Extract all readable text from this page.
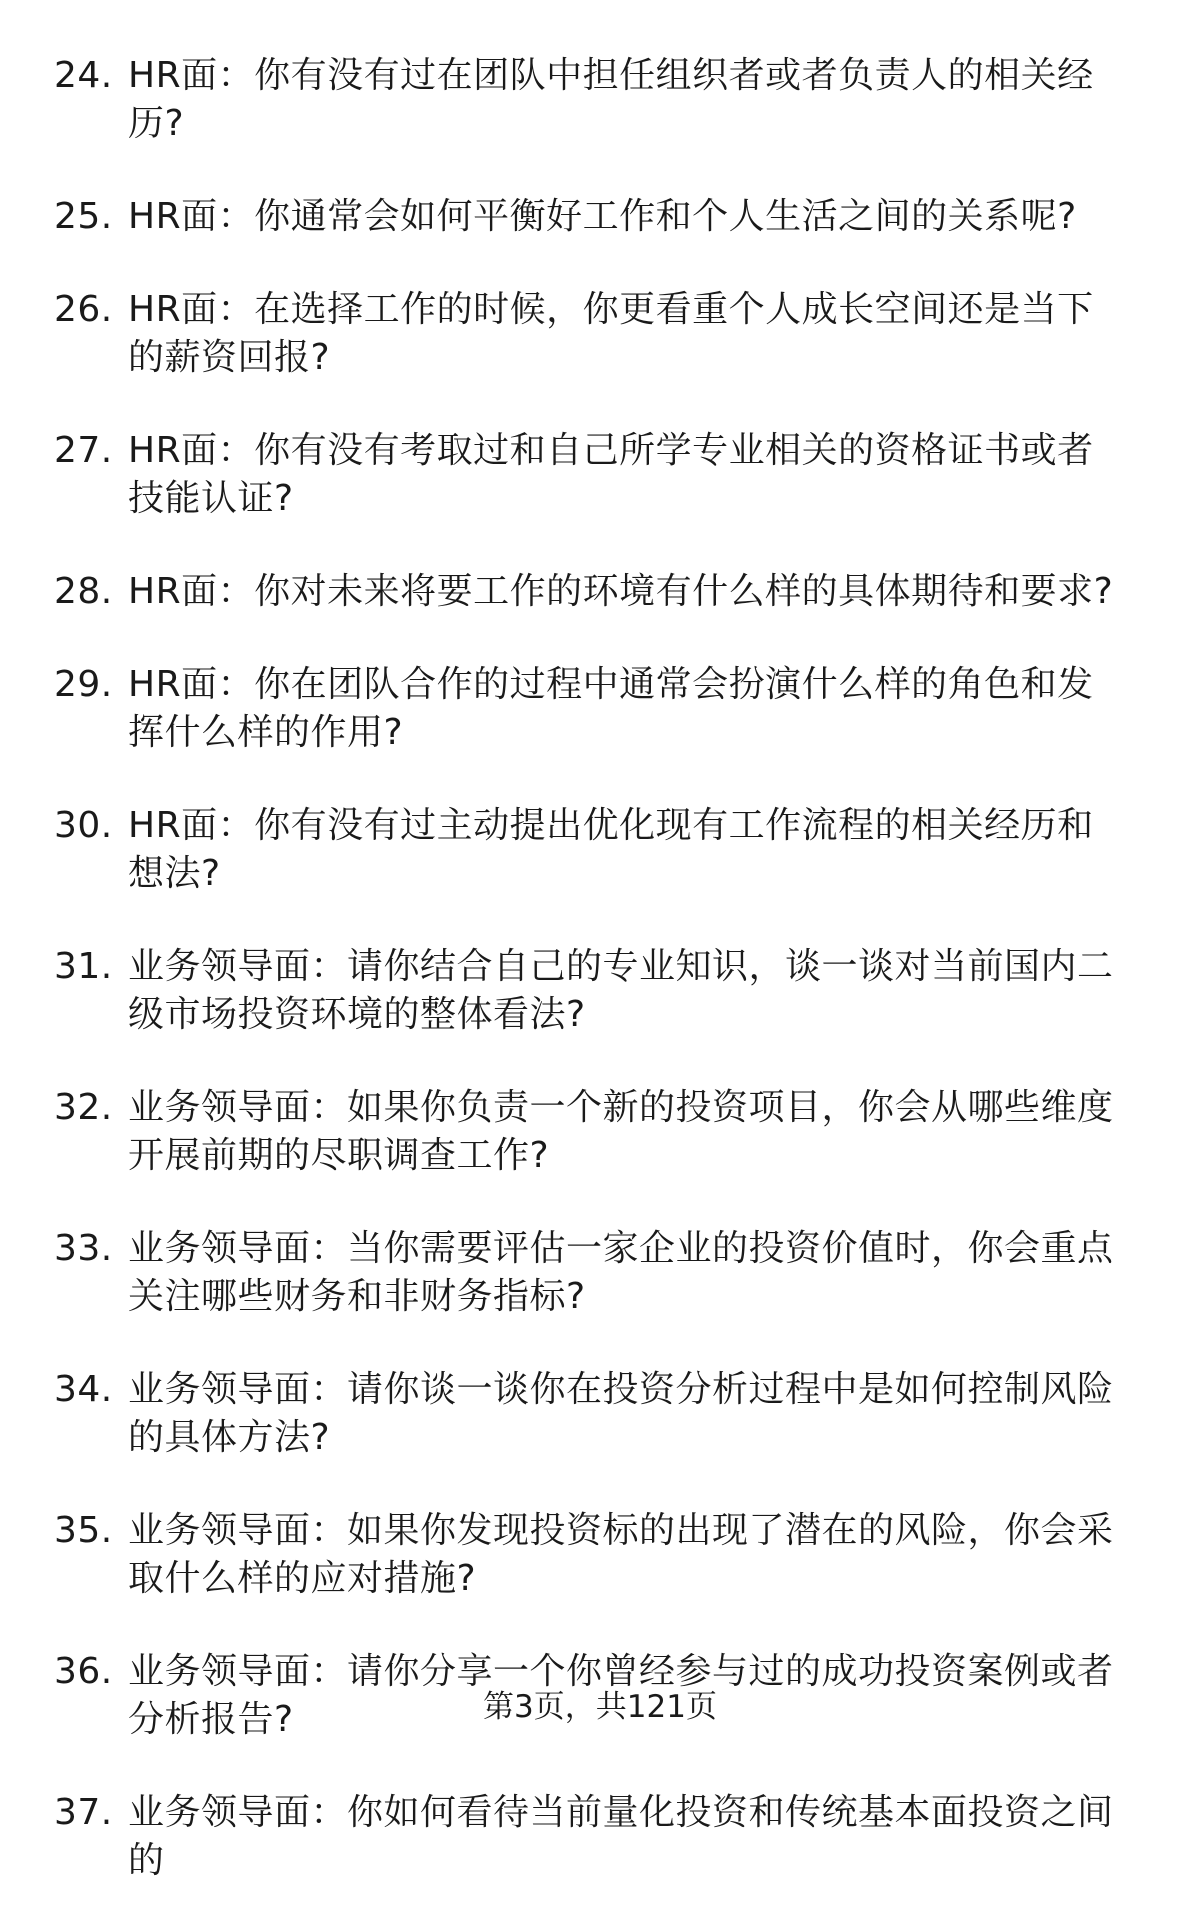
24. HR面：你有没有过在团队中担任组织者或者负责人的相关经历?
25. HR面：你通常会如何平衡好工作和个人生活之间的关系呢?
26. HR面：在选择工作的时候，你更看重个人成长空间还是当下的薪资回报?
27. HR面：你有没有考取过和自己所学专业相关的资格证书或者技能认证?
28. HR面：你对未来将要工作的环境有什么样的具体期待和要求?
29. HR面：你在团队合作的过程中通常会扮演什么样的角色和发挥什么样的作用?
30. HR面：你有没有过主动提出优化现有工作流程的相关经历和想法?
31. 业务领导面：请你结合自己的专业知识，谈一谈对当前国内二级市场投资环境的整体看法?
32. 业务领导面：如果你负责一个新的投资项目，你会从哪些维度开展前期的尽职调查工作?
33. 业务领导面：当你需要评估一家企业的投资价值时，你会重点关注哪些财务和非财务指标?
34. 业务领导面：请你谈一谈你在投资分析过程中是如何控制风险的具体方法?
35. 业务领导面：如果你发现投资标的出现了潜在的风险，你会采取什么样的应对措施?
36. 业务领导面：请你分享一个你曾经参与过的成功投资案例或者分析报告?
37. 业务领导面：你如何看待当前量化投资和传统基本面投资之间的
第3页，共121页
